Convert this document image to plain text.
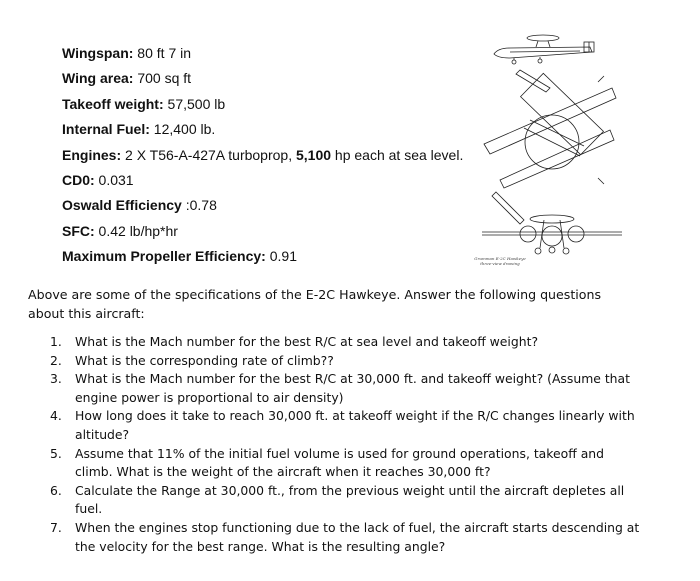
Wingspan: 80 ft 7 in
Wing area: 700 sq ft
Takeoff weight: 57,500 lb
Internal Fuel: 12,400 lb.
Engines: 2 X T56-A-427A turboprop, 5,100 hp each at sea level.
CD0: 0.031
Oswald Efficiency :0.78
SFC: 0.42 lb/hp*hr
Maximum Propeller Efficiency: 0.91	Grumman E-2C Hawkeye
three-view drawing
Above are some of the specifications of the E-2C Hawkeye. Answer the following questions about this aircraft:
1. What is the Mach number for the best R/C at sea level and takeoff weight?
2. What is the corresponding rate of climb??
3. What is the Mach number for the best R/C at 30,000 ft. and takeoff weight? (Assume that engine power is proportional to air density)
4. How long does it take to reach 30,000 ft. at takeoff weight if the R/C changes linearly with altitude?
5. Assume that 11% of the initial fuel volume is used for ground operations, takeoff and climb. What is the weight of the aircraft when it reaches 30,000 ft?
6. Calculate the Range at 30,000 ft., from the previous weight until the aircraft depletes all fuel.
7. When the engines stop functioning due to the lack of fuel, the aircraft starts descending at the velocity for the best range. What is the resulting angle?
